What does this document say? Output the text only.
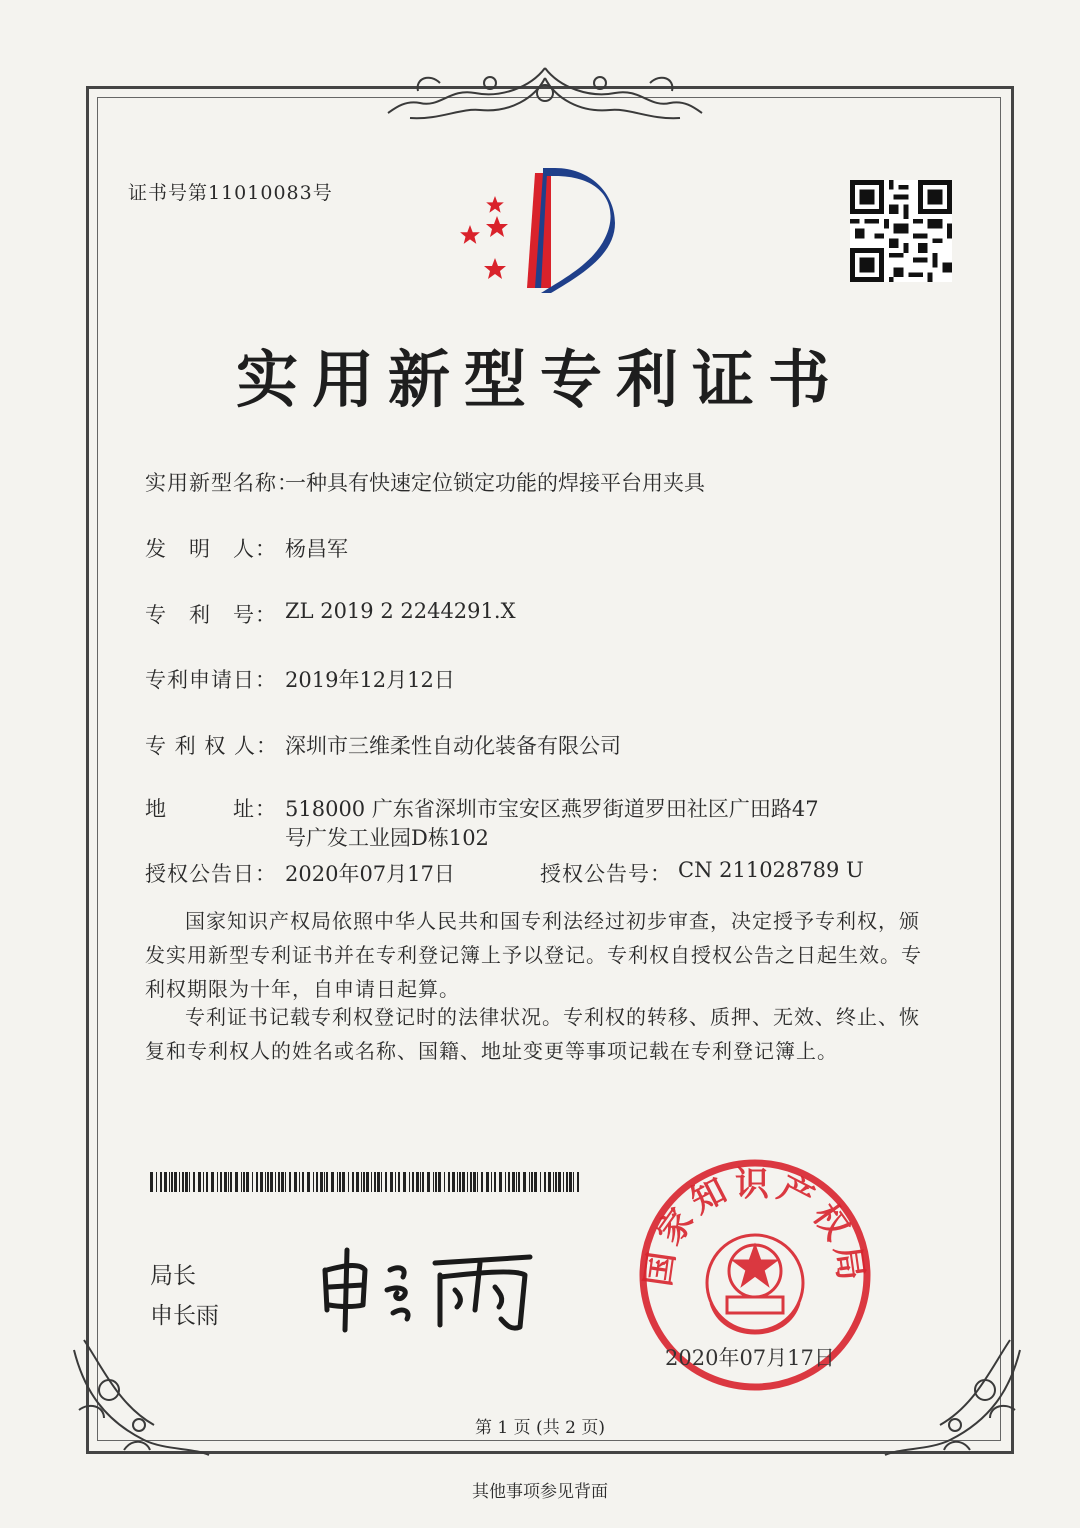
证书号第11010083号
实用新型专利证书
实用新型名称：
一种具有快速定位锁定功能的焊接平台用夹具
发　明　人： 杨昌军
专　利　号： ZL 2019 2 2244291.X
专利申请日： 2019年12月12日
专 利 权 人： 深圳市三维柔性自动化装备有限公司
地　　　址： 518000 广东省深圳市宝安区燕罗街道罗田社区广田路47
号广发工业园D栋102
授权公告日： 2020年07月17日	授权公告号： CN 211028789 U
国家知识产权局依照中华人民共和国专利法经过初步审查，决定授予专利权，颁发实用新型专利证书并在专利登记簿上予以登记。专利权自授权公告之日起生效。专利权期限为十年，自申请日起算。
专利证书记载专利权登记时的法律状况。专利权的转移、质押、无效、终止、恢复和专利权人的姓名或名称、国籍、地址变更等事项记载在专利登记簿上。
局长
申长雨
国家知识产权局
2020年07月17日
第 1 页 (共 2 页)
其他事项参见背面
